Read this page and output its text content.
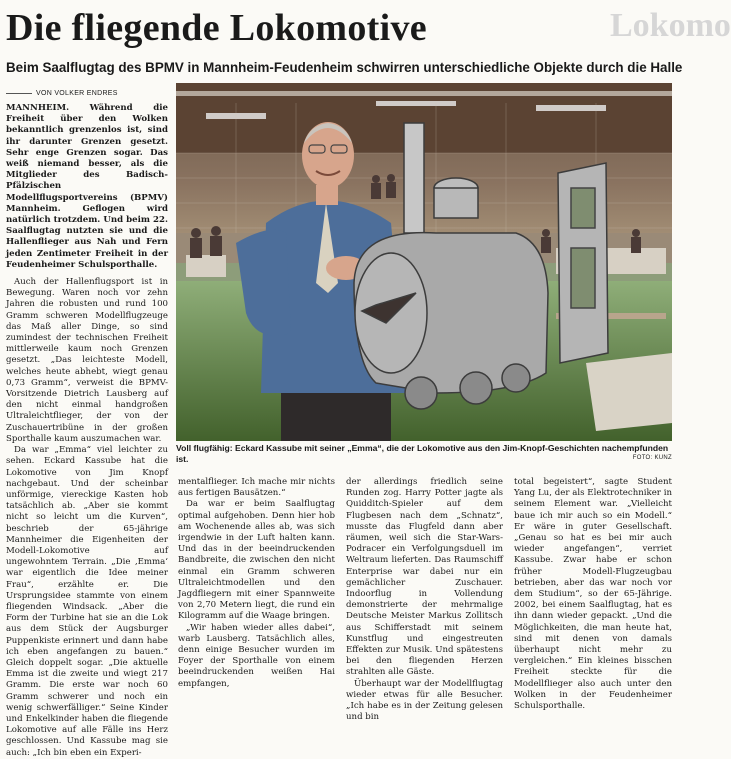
Die fliegende Lokomotive	Lokomo
Beim Saalflugtag des BPMV in Mannheim-Feudenheim schwirren unterschiedliche Objekte durch die Halle
VON VOLKER ENDRES

MANNHEIM. Während die Freiheit über den Wolken bekanntlich grenzenlos ist, sind ihr darunter Grenzen gesetzt. Sehr enge Grenzen sogar. Das weiß niemand besser, als die Mitglieder des Badisch-Pfälzischen Modellflugsportvereins (BPMV) Mannheim. Geflogen wird natürlich trotzdem. Und beim 22. Saalflugtag nutzten sie und die Hallenflieger aus Nah und Fern jeden Zentimeter Freiheit in der Feudenheimer Schulsporthalle.

Auch der Hallenflugsport ist in Bewegung. Waren noch vor zehn Jahren die robusten und rund 100 Gramm schweren Modellflugzeuge das Maß aller Dinge, so sind zumindest der technischen Freiheit mittlerweile kaum noch Grenzen gesetzt. „Das leichteste Modell, welches heute abhebt, wiegt genau 0,73 Gramm“, verweist die BPMV-Vorsitzende Dietrich Lausberg auf den nicht einmal handgroßen Ultraleichtflieger, der von der Zuschauertribüne in der großen Sporthalle kaum auszumachen war.

Da war „Emma“ viel leichter zu sehen. Eckard Kassube hat die Lokomotive von Jim Knopf nachgebaut. Und der scheinbar unförmige, viereckige Kasten hob tatsächlich ab. „Aber sie kommt nicht so leicht um die Kurven“, beschrieb der 65-jährige Mannheimer die Eigenheiten der Modell-Lokomotive auf ungewohntem Terrain. „Die ‚Emma‘ war eigentlich die Idee meiner Frau“, erzählte er. Die Ursprungsidee stammte von einem fliegenden Windsack. „Aber die Form der Turbine hat sie an die Lok aus dem Stück der Augsburger Puppenkiste erinnert und dann habe ich eben angefangen zu bauen.“ Gleich doppelt sogar. „Die aktuelle Emma ist die zweite und wiegt 217 Gramm. Die erste war noch 60 Gramm schwerer und noch ein wenig schwerfälliger.“ Seine Kinder und Enkelkinder haben die fliegende Lokomotive auf alle Fälle ins Herz geschlossen. Und Kassube mag sie auch: „Ich bin eben ein Experi-

Voll flugfähig: Eckard Kassube mit seiner „Emma“, die der Lokomotive aus den Jim-Knopf-Geschichten nachempfunden ist.	FOTO: KUNZ

mentalflieger. Ich mache mir nichts aus fertigen Bausätzen.“

Da war er beim Saalflugtag optimal aufgehoben. Denn hier hob am Wochenende alles ab, was sich irgendwie in der Luft halten kann. Und das in der beeindruckenden Bandbreite, die zwischen den nicht einmal ein Gramm schweren Ultraleichtmodellen und den Jagdfliegern mit einer Spannweite von 2,70 Metern liegt, die rund ein Kilogramm auf die Waage bringen.

„Wir haben wieder alles dabei“, warb Lausberg. Tatsächlich alles, denn einige Besucher wurden im Foyer der Sporthalle von einem beeindruckenden weißen Hai empfangen,

der allerdings friedlich seine Runden zog. Harry Potter jagte als Quidditch-Spieler auf dem Flugbesen nach dem „Schnatz“, musste das Flugfeld dann aber räumen, weil sich die Star-Wars-Podracer ein Verfolgungsduell im Weltraum lieferten. Das Raumschiff Enterprise war dabei nur ein gemächlicher Zuschauer. Indoorflug in Vollendung demonstrierte der mehrmalige Deutsche Meister Markus Zollitsch aus Schifferstadt mit seinem Kunstflug und eingestreuten Effekten zur Musik. Und spätestens bei den fliegenden Herzen strahlten alle Gäste.

Überhaupt war der Modellflugtag wieder etwas für alle Besucher. „Ich habe es in der Zeitung gelesen und bin

total begeistert“, sagte Student Yang Lu, der als Elektrotechniker in seinem Element war. „Vielleicht baue ich mir auch so ein Modell.“ Er wäre in guter Gesellschaft. „Genau so hat es bei mir auch wieder angefangen“, verriet Kassube. Zwar habe er schon früher Modell-Flugzeugbau betrieben, aber das war noch vor dem Studium“, so der 65-Jährige. 2002, bei einem Saalflugtag, hat es ihn dann wieder gepackt. „Und die Möglichkeiten, die man heute hat, sind mit denen von damals überhaupt nicht mehr zu vergleichen.“ Ein kleines bisschen Freiheit steckte für die Modellflieger also auch unter den Wolken in der Feudenheimer Schulsporthalle.
